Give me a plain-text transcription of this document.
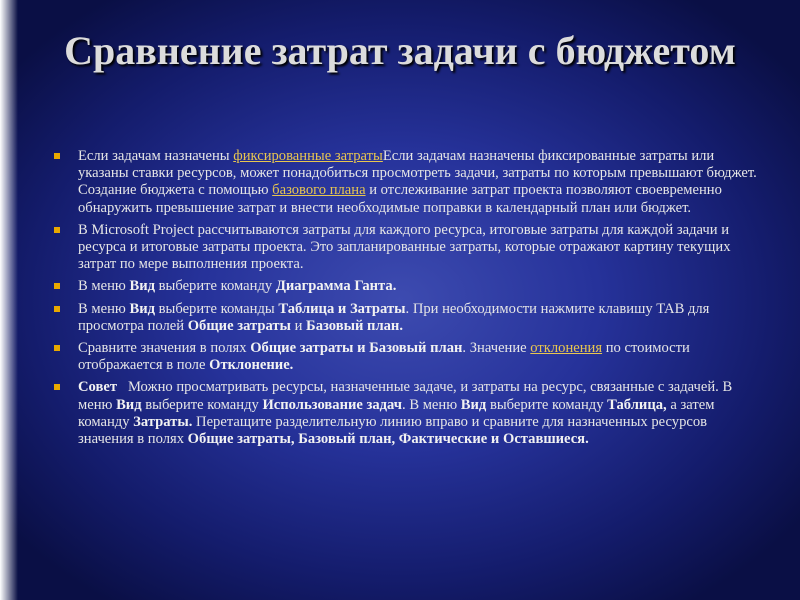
Сравнение затрат задачи с бюджетом
Если задачам назначены фиксированные затратыЕсли задачам назначены фиксированные затраты или указаны ставки ресурсов, может понадобиться просмотреть задачи, затраты по которым превышают бюджет. Создание бюджета с помощью базового плана и отслеживание затрат проекта позволяют своевременно обнаружить превышение затрат и внести необходимые поправки в календарный план или бюджет.
В Microsoft Project рассчитываются затраты для каждого ресурса, итоговые затраты для каждой задачи и ресурса и итоговые затраты проекта. Это запланированные затраты, которые отражают картину текущих затрат по мере выполнения проекта.
В меню Вид выберите команду Диаграмма Ганта.
В меню Вид выберите команды Таблица и Затраты. При необходимости нажмите клавишу TAB для просмотра полей Общие затраты и Базовый план.
Сравните значения в полях Общие затраты и Базовый план. Значение отклонения по стоимости отображается в поле Отклонение.
Совет   Можно просматривать ресурсы, назначенные задаче, и затраты на ресурс, связанные с задачей. В меню Вид выберите команду Использование задач. В меню Вид выберите команду Таблица, а затем команду Затраты. Перетащите разделительную линию вправо и сравните для назначенных ресурсов значения в полях Общие затраты, Базовый план, Фактические и Оставшиеся.
